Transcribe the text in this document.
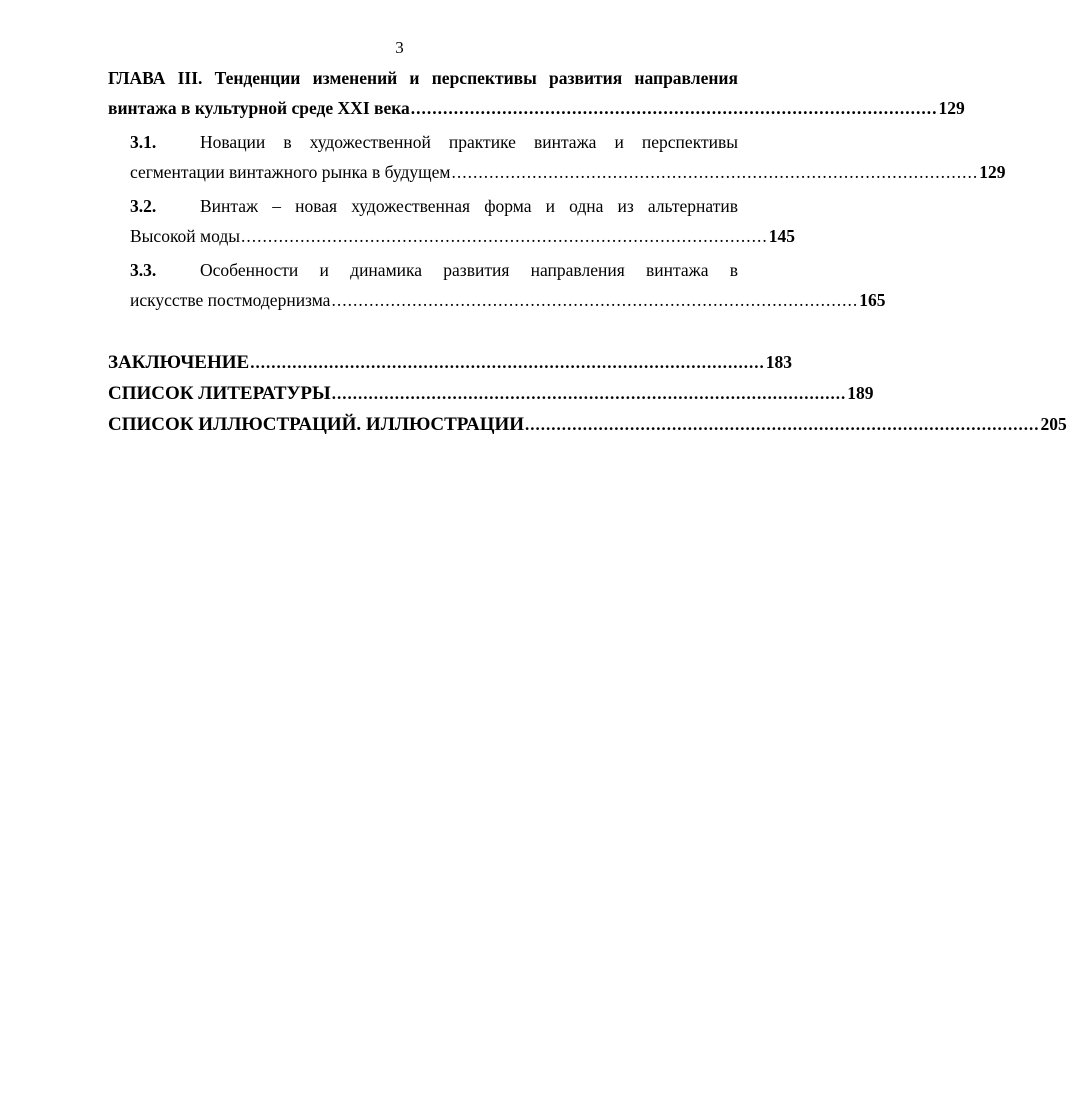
3
ГЛАВА III. Тенденции изменений и перспективы развития направления
винтажа в культурной среде XXI века .................................................................................................. 129
3.1.	Новации в художественной практике винтажа и перспективы
сегментации винтажного рынка в будущем .................................................................................................. 129
3.2.	Винтаж – новая художественная форма и одна из альтернатив
Высокой моды .................................................................................................. 145
3.3.	Особенности и динамика развития направления винтажа в
искусстве постмодернизма .................................................................................................. 165
ЗАКЛЮЧЕНИЕ .................................................................................................. 183
СПИСОК ЛИТЕРАТУРЫ .................................................................................................. 189
СПИСОК ИЛЛЮСТРАЦИЙ. ИЛЛЮСТРАЦИИ .................................................................................................. 205
